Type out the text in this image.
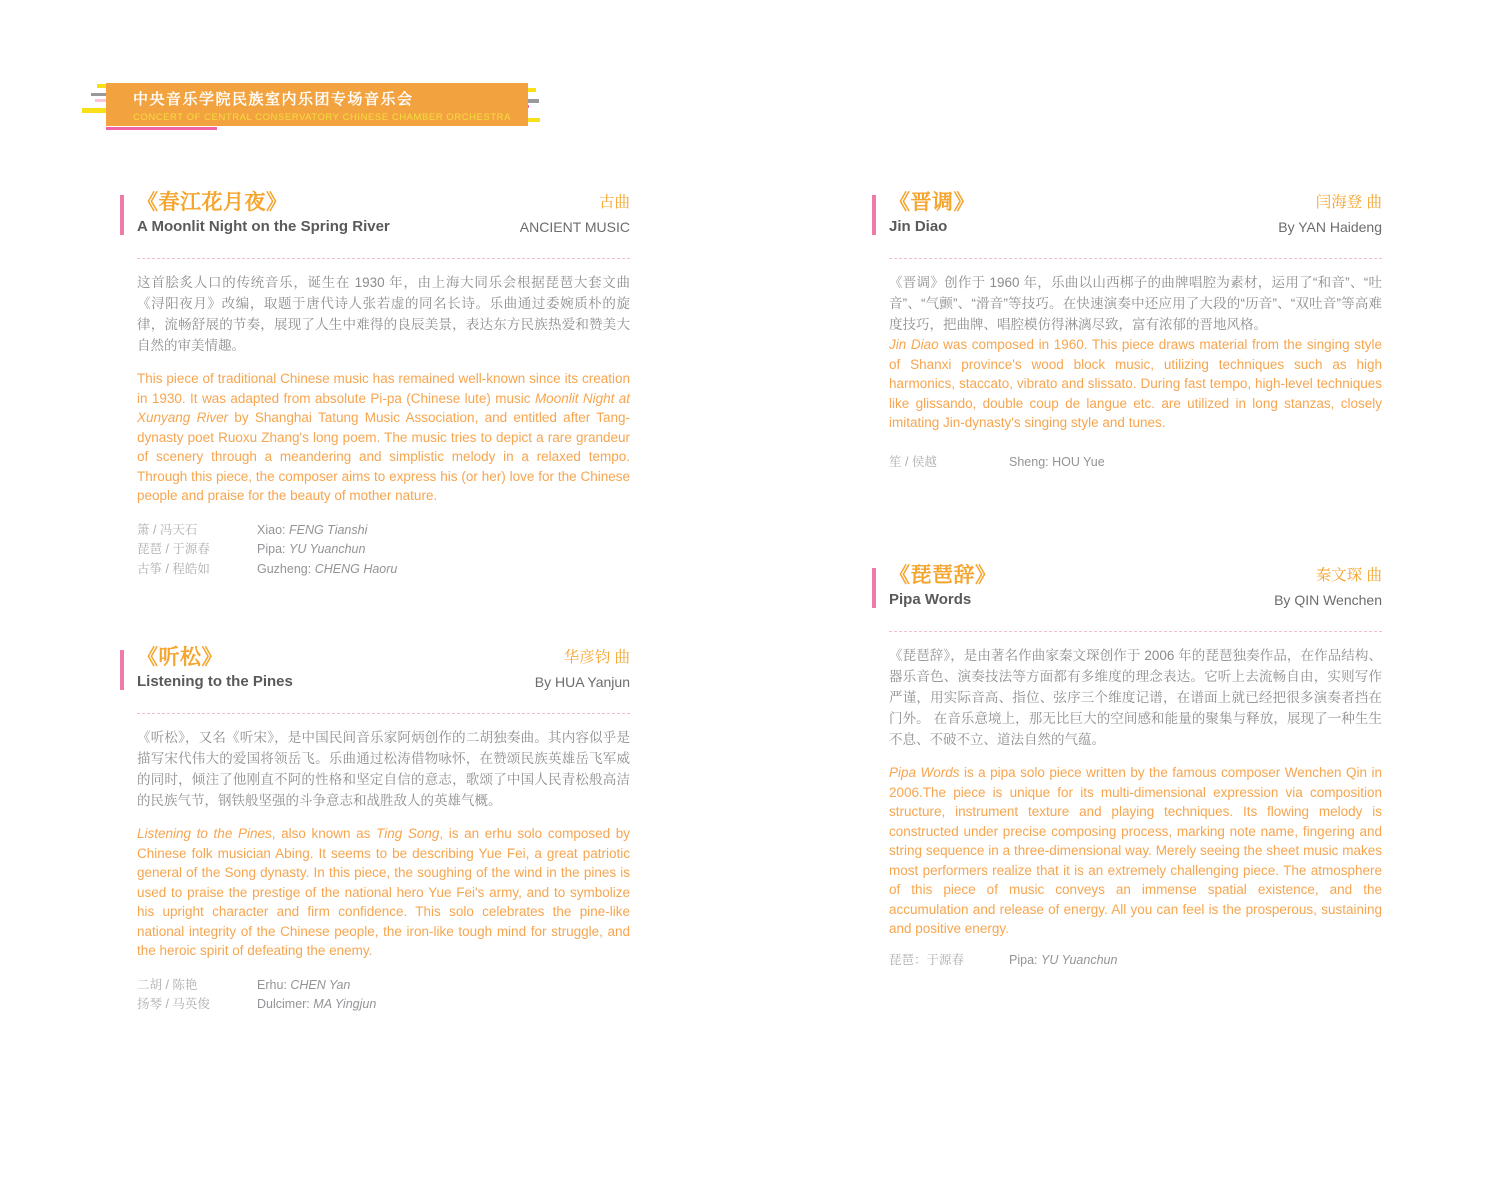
中央音乐学院民族室内乐团专场音乐会
CONCERT OF CENTRAL CONSERVATORY CHINESE CHAMBER ORCHESTRA
《春江花月夜》
A Moonlit Night on the Spring River
古曲
ANCIENT MUSIC

这首脍炙人口的传统音乐，诞生在 1930 年，由上海大同乐会根据琵琶大套文曲《浔阳夜月》改编，取题于唐代诗人张若虚的同名长诗。乐曲通过委婉质朴的旋律，流畅舒展的节奏，展现了人生中难得的良辰美景，表达东方民族热爱和赞美大自然的审美情趣。

This piece of traditional Chinese music has remained well-known since its creation in 1930. It was adapted from absolute Pi-pa (Chinese lute) music Moonlit Night at Xunyang River by Shanghai Tatung Music Association, and entitled after Tang-dynasty poet Ruoxu Zhang's long poem. The music tries to depict a rare grandeur of scenery through a meandering and simplistic melody in a relaxed tempo. Through this piece, the composer aims to express his (or her) love for the Chinese people and praise for the beauty of mother nature.

箫 / 冯天石	Xiao: FENG Tianshi
琵琶 / 于源春	Pipa: YU Yuanchun
古筝 / 程皓如	Guzheng: CHENG Haoru
《听松》
Listening to the Pines
华彦钧 曲
By HUA Yanjun

《听松》，又名《听宋》，是中国民间音乐家阿炳创作的二胡独奏曲。其内容似乎是描写宋代伟大的爱国将领岳飞。乐曲通过松涛借物咏怀，在赞颂民族英雄岳飞军威的同时，倾注了他刚直不阿的性格和坚定自信的意志，歌颂了中国人民青松般高洁的民族气节，钢铁般坚强的斗争意志和战胜敌人的英雄气概。

Listening to the Pines, also known as Ting Song, is an erhu solo composed by Chinese folk musician Abing. It seems to be describing Yue Fei, a great patriotic general of the Song dynasty. In this piece, the soughing of the wind in the pines is used to praise the prestige of the national hero Yue Fei's army, and to symbolize his upright character and firm confidence. This solo celebrates the pine-like national integrity of the Chinese people, the iron-like tough mind for struggle, and the heroic spirit of defeating the enemy.

二胡 / 陈艳	Erhu: CHEN Yan
扬琴 / 马英俊	Dulcimer: MA Yingjun
《晋调》
Jin Diao
闫海登 曲
By YAN Haideng

《晋调》创作于 1960 年，乐曲以山西梆子的曲牌唱腔为素材，运用了“和音”、“吐音”、“气颤”、“滑音”等技巧。在快速演奏中还应用了大段的“历音”、“双吐音”等高难度技巧，把曲牌、唱腔模仿得淋漓尽致，富有浓郁的晋地风格。

Jin Diao was composed in 1960. This piece draws material from the singing style of Shanxi province's wood block music, utilizing techniques such as high harmonics, staccato, vibrato and slissato. During fast tempo, high-level techniques like glissando, double coup de langue etc. are utilized in long stanzas, closely imitating Jin-dynasty's singing style and tunes.

笙 / 侯越	Sheng: HOU Yue
《琵琶辞》
Pipa Words
秦文琛 曲
By QIN Wenchen

《琵琶辞》，是由著名作曲家秦文琛创作于 2006 年的琵琶独奏作品，在作品结构、器乐音色、演奏技法等方面都有多维度的理念表达。它听上去流畅自由，实则写作严谨，用实际音高、指位、弦序三个维度记谱，在谱面上就已经把很多演奏者挡在门外。 在音乐意境上，那无比巨大的空间感和能量的聚集与释放，展现了一种生生不息、不破不立、道法自然的气蕴。

Pipa Words is a pipa solo piece written by the famous composer Wenchen Qin in 2006.The piece is unique for its multi-dimensional expression via composition structure, instrument texture and playing techniques. Its flowing melody is constructed under precise composing process, marking note name, fingering and string sequence in a three-dimensional way. Merely seeing the sheet music makes most performers realize that it is an extremely challenging piece. The atmosphere of this piece of music conveys an immense spatial existence, and the accumulation and release of energy. All you can feel is the prosperous, sustaining and positive energy.

琵琶：于源春	Pipa: YU Yuanchun
